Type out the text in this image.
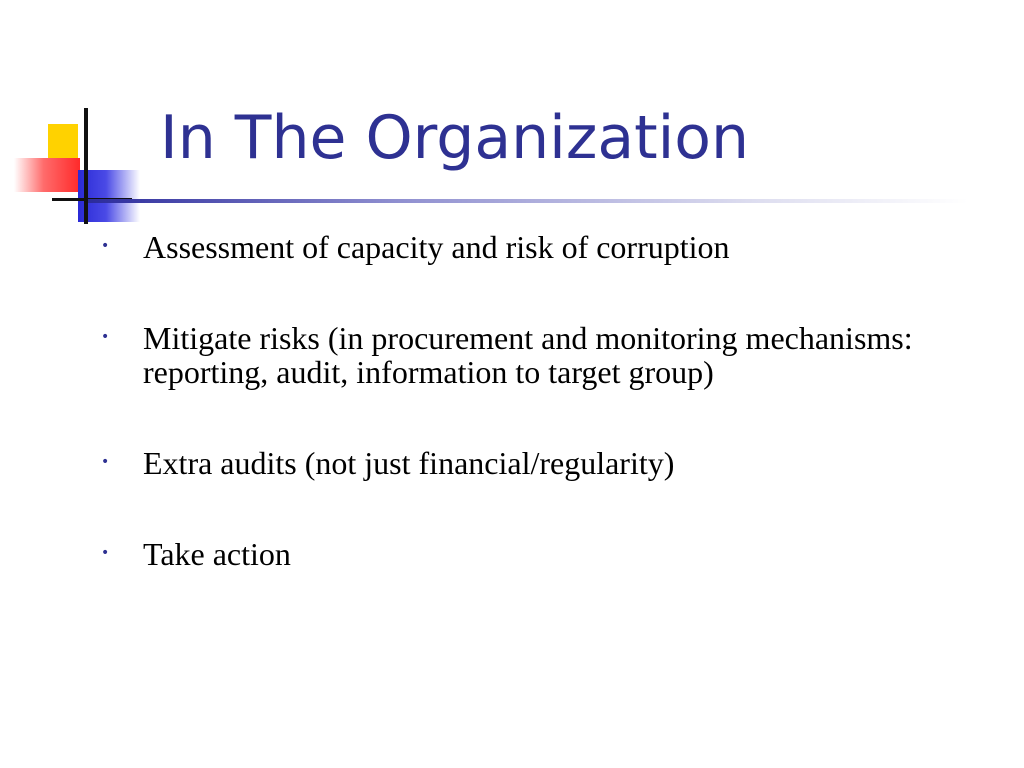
In The Organization
•	Assessment of capacity and risk of corruption
•	Mitigate risks (in procurement and monitoring mechanisms: reporting, audit, information to target group)
•	Extra audits (not just financial/regularity)
•	Take action
